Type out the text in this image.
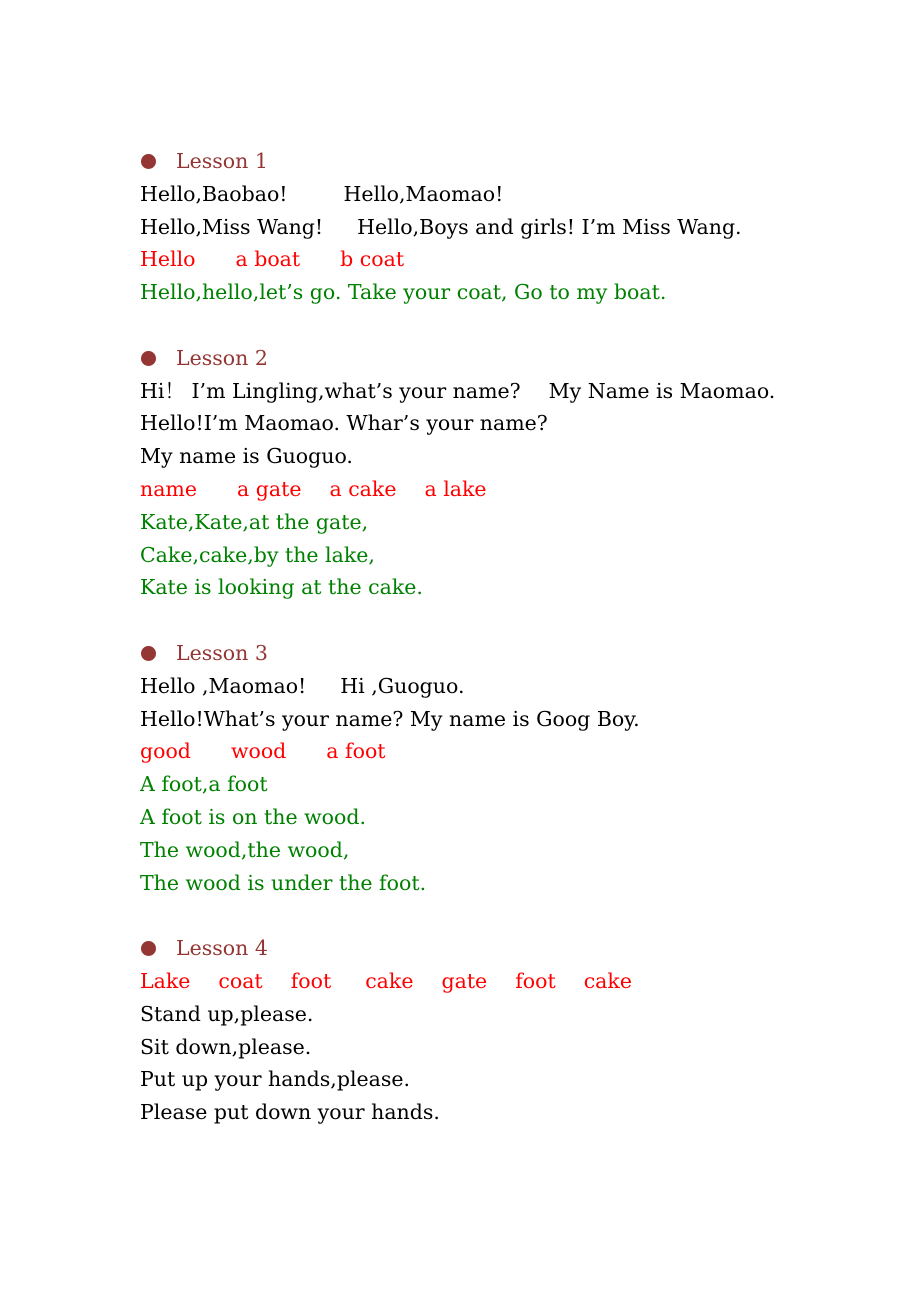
Lesson 1
Hello,Baobao!	Hello,Maomao!
Hello,Miss Wang! Hello,Boys and girls! I’m Miss Wang.
Hello a boat b coat
Hello,hello,let’s go. Take your coat, Go to my boat.
Lesson 2
Hi！ I’m Lingling,what’s your name? My Name is Maomao.
Hello!I’m Maomao. Whar’s your name?
My name is Guoguo.
name a gate a cake a lake
Kate,Kate,at the gate,
Cake,cake,by the lake,
Kate is looking at the cake.
Lesson 3
Hello ,Maomao! Hi ,Guoguo.
Hello!What’s your name? My name is Goog Boy.
good wood a foot
A foot,a foot
A foot is on the wood.
The wood,the wood,
The wood is under the foot.
Lesson 4
Lake coat foot cake gate foot cake
Stand up,please.
Sit down,please.
Put up your hands,please.
Please put down your hands.
